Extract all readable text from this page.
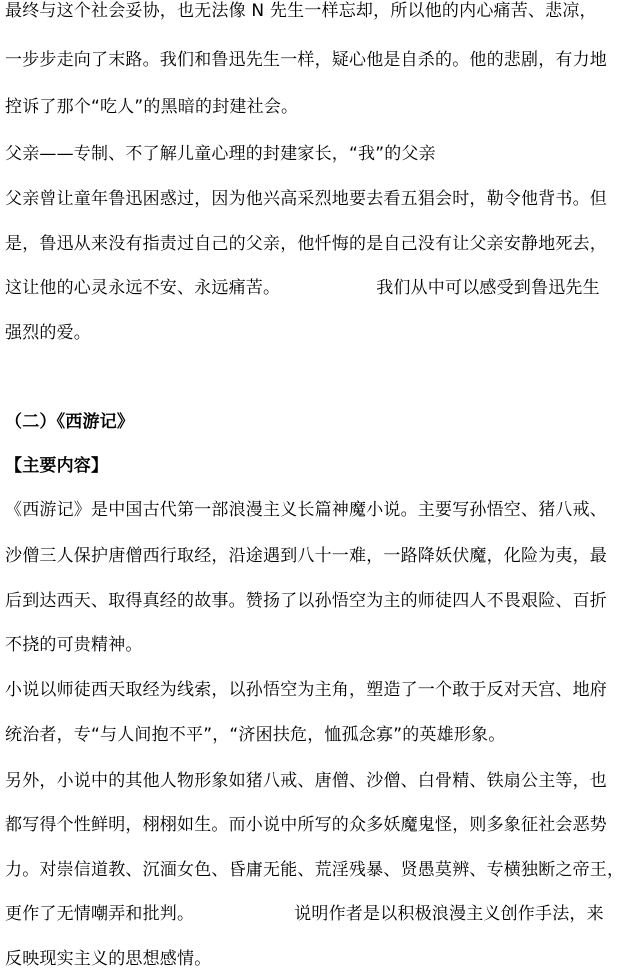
最终与这个社会妥协，也无法像 N 先生一样忘却，所以他的内心痛苦、悲凉，
一步步走向了末路。我们和鲁迅先生一样，疑心他是自杀的。他的悲剧，有力地
控诉了那个“吃人”的黑暗的封建社会。
父亲——专制、不了解儿童心理的封建家长，“我”的父亲
父亲曾让童年鲁迅困惑过，因为他兴高采烈地要去看五猖会时，勒令他背书。但
是，鲁迅从来没有指责过自己的父亲，他忏悔的是自己没有让父亲安静地死去，
这让他的心灵永远不安、永远痛苦。	我们从中可以感受到鲁迅先生
强烈的爱。
（二）《西游记》
【主要内容】
《西游记》是中国古代第一部浪漫主义长篇神魔小说。主要写孙悟空、猪八戒、
沙僧三人保护唐僧西行取经，沿途遇到八十一难，一路降妖伏魔，化险为夷，最
后到达西天、取得真经的故事。赞扬了以孙悟空为主的师徒四人不畏艰险、百折
不挠的可贵精神。
小说以师徒西天取经为线索，以孙悟空为主角，塑造了一个敢于反对天宫、地府
统治者，专“与人间抱不平”，“济困扶危，恤孤念寡”的英雄形象。
另外，小说中的其他人物形象如猪八戒、唐僧、沙僧、白骨精、铁扇公主等，也
都写得个性鲜明，栩栩如生。而小说中所写的众多妖魔鬼怪，则多象征社会恶势
力。对崇信道教、沉湎女色、昏庸无能、荒淫残暴、贤愚莫辨、专横独断之帝王，
更作了无情嘲弄和批判。	说明作者是以积极浪漫主义创作手法，来
反映现实主义的思想感情。
